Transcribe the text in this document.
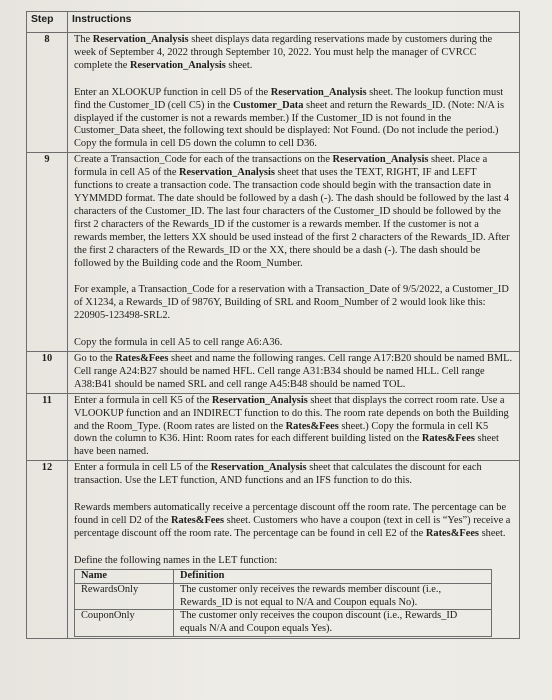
Step	Instructions
8	The Reservation_Analysis sheet displays data regarding reservations made by customers during the week of September 4, 2022 through September 10, 2022. You must help the manager of CVRCC complete the Reservation_Analysis sheet.
Enter an XLOOKUP function in cell D5 of the Reservation_Analysis sheet. The lookup function must find the Customer_ID (cell C5) in the Customer_Data sheet and return the Rewards_ID. (Note: N/A is displayed if the customer is not a rewards member.) If the Customer_ID is not found in the Customer_Data sheet, the following text should be displayed: Not Found. (Do not include the period.) Copy the formula in cell D5 down the column to cell D36.

9	Create a Transaction_Code for each of the transactions on the Reservation_Analysis sheet. Place a formula in cell A5 of the Reservation_Analysis sheet that uses the TEXT, RIGHT, IF and LEFT functions to create a transaction code. The transaction code should begin with the transaction date in YYMMDD format. The date should be followed by a dash (-). The dash should be followed by the last 4 characters of the Customer_ID. The last four characters of the Customer_ID should be followed by the first 2 characters of the Rewards_ID if the customer is a rewards member. If the customer is not a rewards member, the letters XX should be used instead of the first 2 characters of the Rewards_ID. After the first 2 characters of the Rewards_ID or the XX, there should be a dash (-). The dash should be followed by the Building code and the Room_Number.
For example, a Transaction_Code for a reservation with a Transaction_Date of 9/5/2022, a Customer_ID of X1234, a Rewards_ID of 9876Y, Building of SRL and Room_Number of 2 would look like this: 220905-123498-SRL2.
Copy the formula in cell A5 to cell range A6:A36.

10	Go to the Rates&Fees sheet and name the following ranges. Cell range A17:B20 should be named BML. Cell range A24:B27 should be named HFL. Cell range A31:B34 should be named HLL. Cell range A38:B41 should be named SRL and cell range A45:B48 should be named TOL.
11	Enter a formula in cell K5 of the Reservation_Analysis sheet that displays the correct room rate. Use a VLOOKUP function and an INDIRECT function to do this. The room rate depends on both the Building and the Room_Type. (Room rates are listed on the Rates&Fees sheet.) Copy the formula in cell K5 down the column to K36. Hint: Room rates for each different building listed on the Rates&Fees sheet have been named.
12	Enter a formula in cell L5 of the Reservation_Analysis sheet that calculates the discount for each transaction. Use the LET function, AND functions and an IFS function to do this.
Rewards members automatically receive a percentage discount off the room rate. The percentage can be found in cell D2 of the Rates&Fees sheet. Customers who have a coupon (text in cell is “Yes”) receive a percentage discount off the room rate. The percentage can be found in cell E2 of the Rates&Fees sheet.
Define the following names in the LET function:
Name	Definition
RewardsOnly	The customer only receives the rewards member discount (i.e., Rewards_ID is not equal to N/A and Coupon equals No).
CouponOnly	The customer only receives the coupon discount (i.e., Rewards_ID equals N/A and Coupon equals Yes).
